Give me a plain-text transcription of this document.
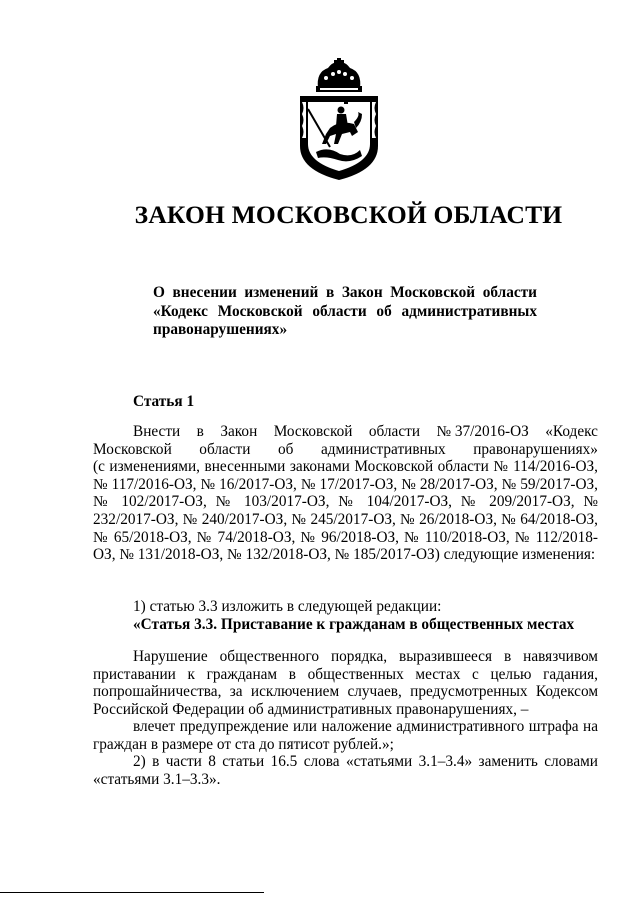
ЗАКОН МОСКОВСКОЙ ОБЛАСТИ
О внесении изменений в Закон Московской области «Кодекс Московской области об административных правонарушениях»
Статья 1
Внести в Закон Московской области № 37/2016-ОЗ «Кодекс
Московской области об административных правонарушениях»
(с изменениями, внесенными законами Московской области № 114/2016-ОЗ, № 117/2016-ОЗ, № 16/2017-ОЗ, № 17/2017-ОЗ, № 28/2017-ОЗ, № 59/2017-ОЗ, № 102/2017-ОЗ, № 103/2017-ОЗ, № 104/2017-ОЗ, № 209/2017-ОЗ, № 232/2017-ОЗ, № 240/2017-ОЗ, № 245/2017-ОЗ, № 26/2018-ОЗ, № 64/2018-ОЗ, № 65/2018-ОЗ, № 74/2018-ОЗ, № 96/2018-ОЗ, № 110/2018-ОЗ, № 112/2018-ОЗ, № 131/2018-ОЗ, № 132/2018-ОЗ, № 185/2017-ОЗ) следующие изменения:
1) статью 3.3 изложить в следующей редакции:
«Статья 3.3. Приставание к гражданам в общественных местах
Нарушение общественного порядка, выразившееся в навязчивом приставании к гражданам в общественных местах с целью гадания, попрошайничества, за исключением случаев, предусмотренных Кодексом Российской Федерации об административных правонарушениях, –
влечет предупреждение или наложение административного штрафа на граждан в размере от ста до пятисот рублей.»;
2) в части 8 статьи 16.5 слова «статьями 3.1–3.4» заменить словами «статьями 3.1–3.3».
